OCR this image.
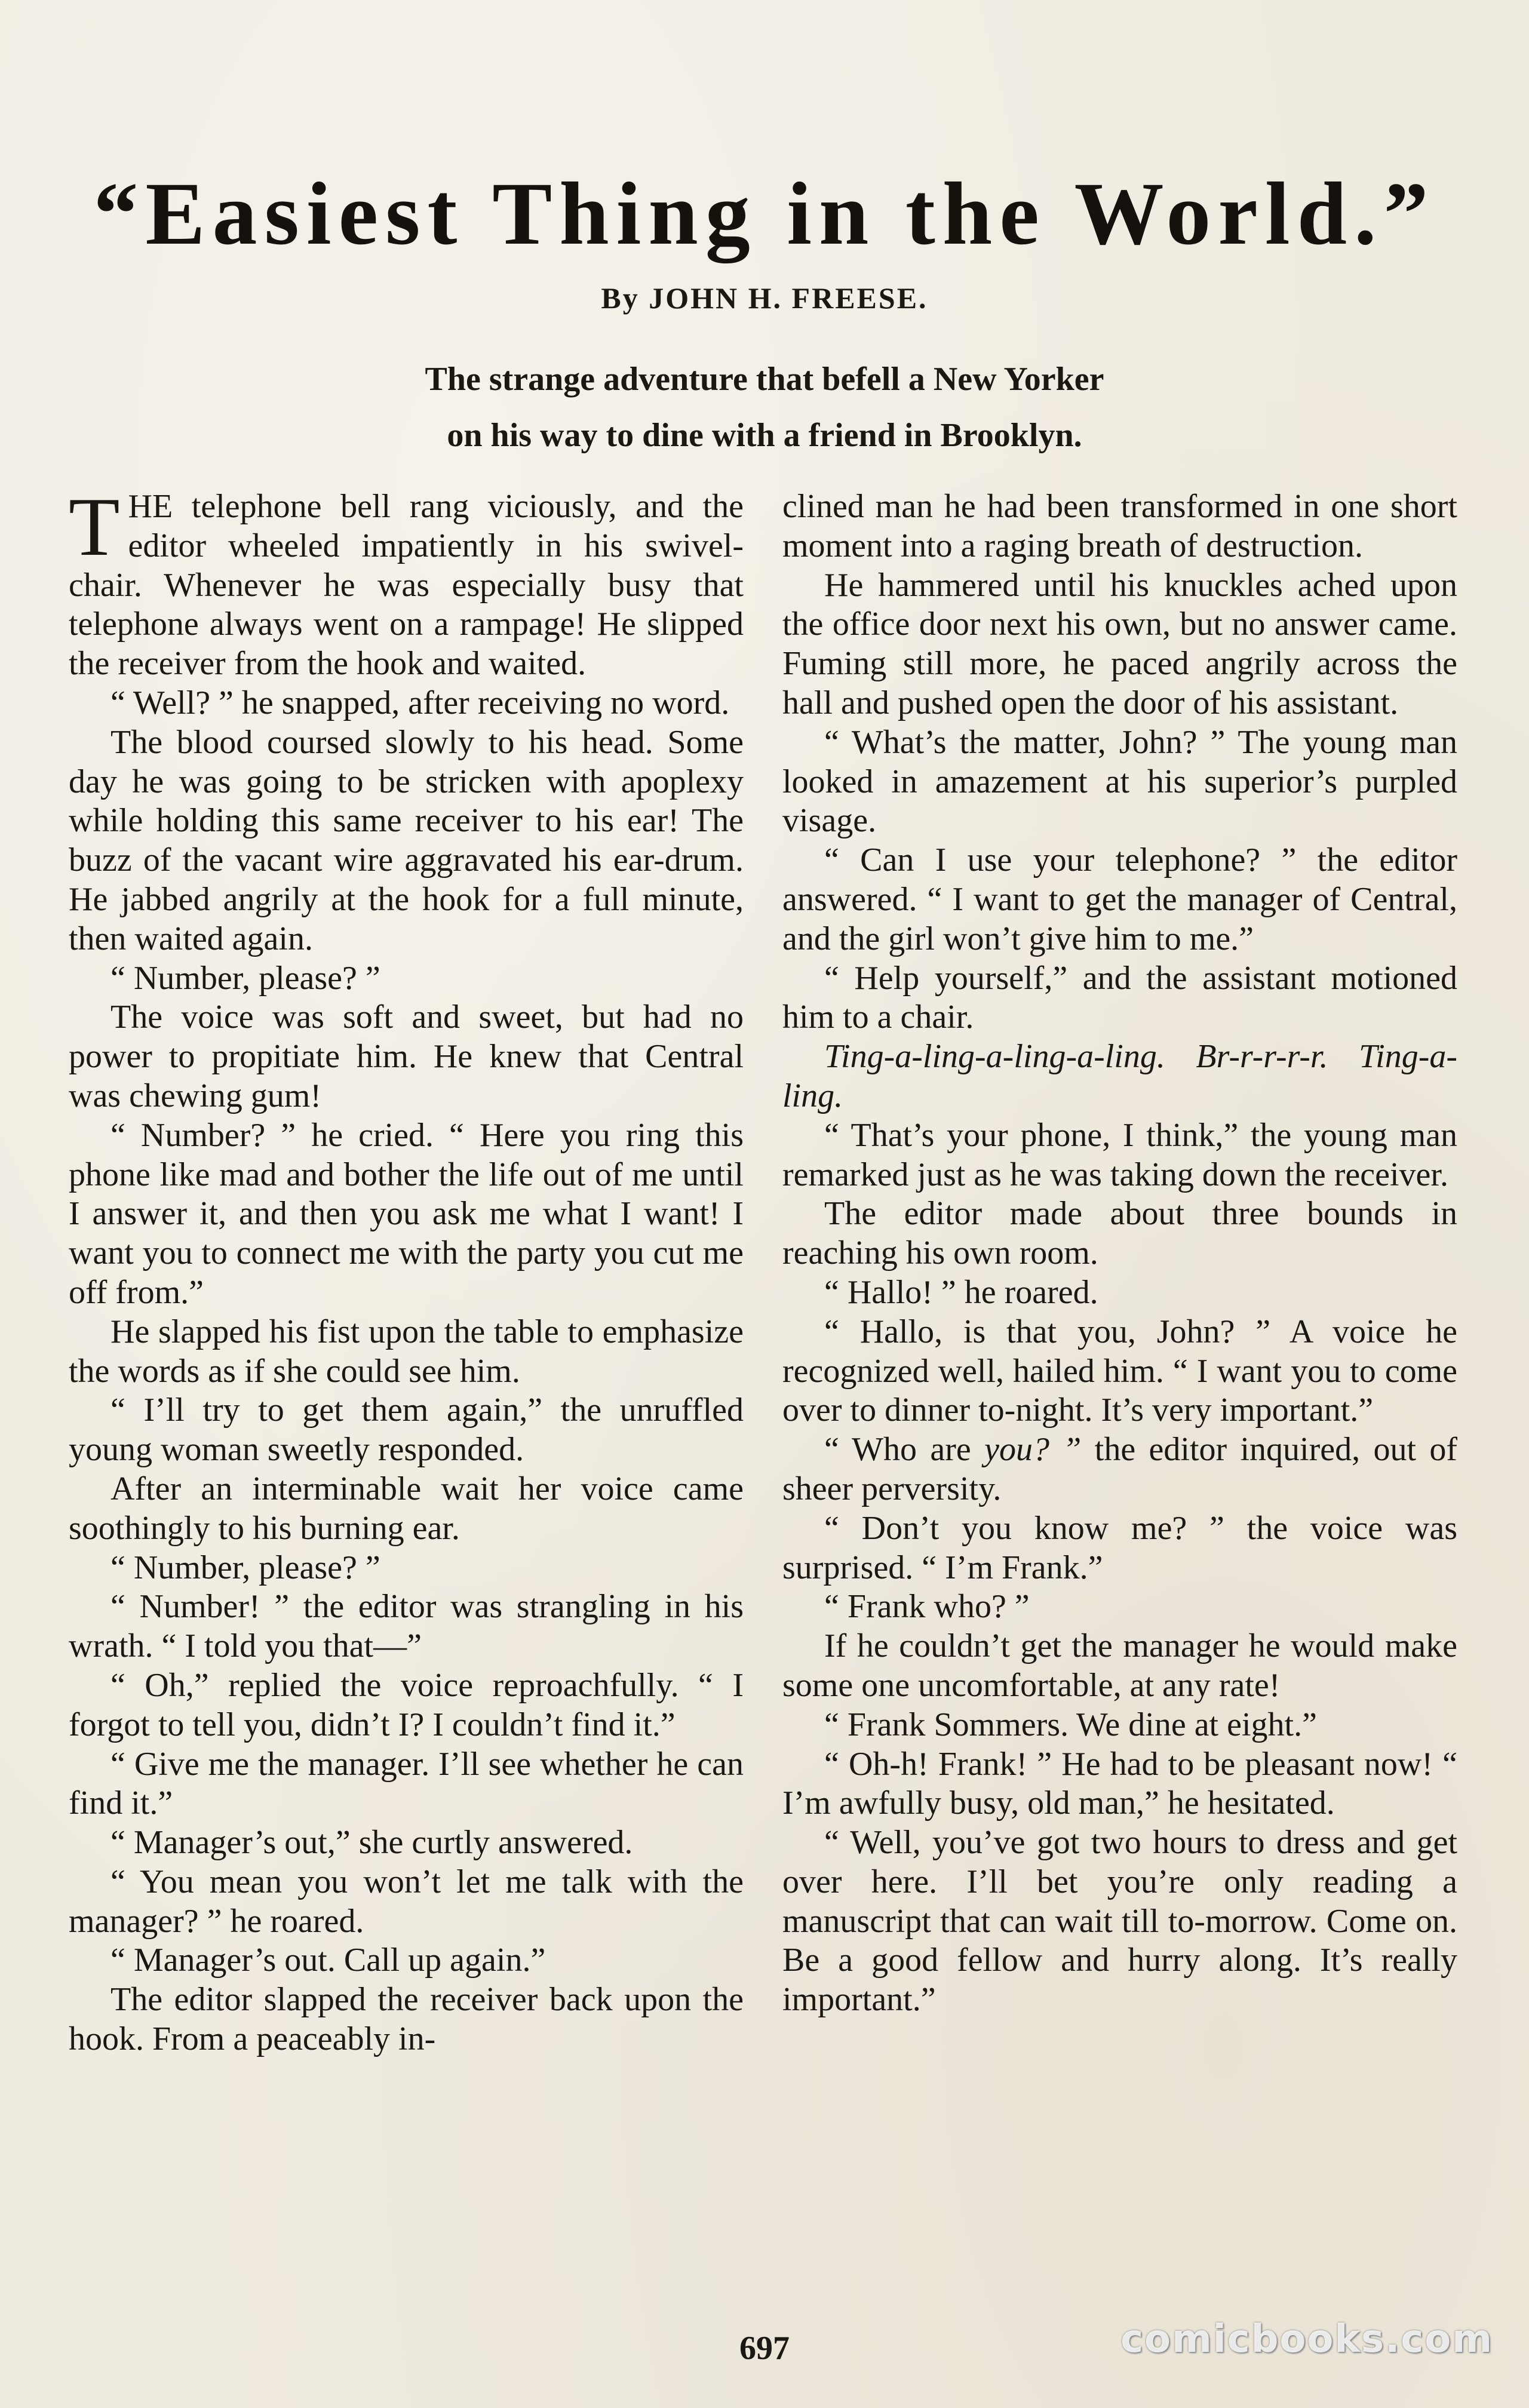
“Easiest Thing in the World.”
By JOHN H. FREESE.
The strange adventure that befell a New Yorker
on his way to dine with a friend in Brooklyn.

THE telephone bell rang viciously, and the editor wheeled impatiently in his swivel-chair. Whenever he was especially busy that telephone always went on a rampage! He slipped the receiver from the hook and waited.

“ Well? ” he snapped, after receiving no word.

The blood coursed slowly to his head. Some day he was going to be stricken with apoplexy while holding this same receiver to his ear! The buzz of the vacant wire aggravated his ear-drum. He jabbed angrily at the hook for a full minute, then waited again.

“ Number, please? ”

The voice was soft and sweet, but had no power to propitiate him. He knew that Central was chewing gum!

“ Number? ” he cried. “ Here you ring this phone like mad and bother the life out of me until I answer it, and then you ask me what I want! I want you to connect me with the party you cut me off from.”

He slapped his fist upon the table to emphasize the words as if she could see him.

“ I’ll try to get them again,” the unruffled young woman sweetly responded.

After an interminable wait her voice came soothingly to his burning ear.

“ Number, please? ”

“ Number! ” the editor was strangling in his wrath. “ I told you that—”

“ Oh,” replied the voice reproachfully. “ I forgot to tell you, didn’t I? I couldn’t find it.”

“ Give me the manager. I’ll see whether he can find it.”

“ Manager’s out,” she curtly answered.

“ You mean you won’t let me talk with the manager? ” he roared.

“ Manager’s out. Call up again.”

The editor slapped the receiver back upon the hook. From a peaceably in-

clined man he had been transformed in one short moment into a raging breath of destruction.

He hammered until his knuckles ached upon the office door next his own, but no answer came. Fuming still more, he paced angrily across the hall and pushed open the door of his assistant.

“ What’s the matter, John? ” The young man looked in amazement at his superior’s purpled visage.

“ Can I use your telephone? ” the editor answered. “ I want to get the manager of Central, and the girl won’t give him to me.”

“ Help yourself,” and the assistant motioned him to a chair.

Ting-a-ling-a-ling-a-ling. Br-r-r-r-r. Ting-a-ling.

“ That’s your phone, I think,” the young man remarked just as he was taking down the receiver.

The editor made about three bounds in reaching his own room.

“ Hallo! ” he roared.

“ Hallo, is that you, John? ” A voice he recognized well, hailed him. “ I want you to come over to dinner to-night. It’s very important.”

“ Who are you? ” the editor inquired, out of sheer perversity.

“ Don’t you know me? ” the voice was surprised. “ I’m Frank.”

“ Frank who? ”

If he couldn’t get the manager he would make some one uncomfortable, at any rate!

“ Frank Sommers. We dine at eight.”

“ Oh-h! Frank! ” He had to be pleasant now! “ I’m awfully busy, old man,” he hesitated.

“ Well, you’ve got two hours to dress and get over here. I’ll bet you’re only reading a manuscript that can wait till to-morrow. Come on. Be a good fellow and hurry along. It’s really important.”

697	comicbooks.com
